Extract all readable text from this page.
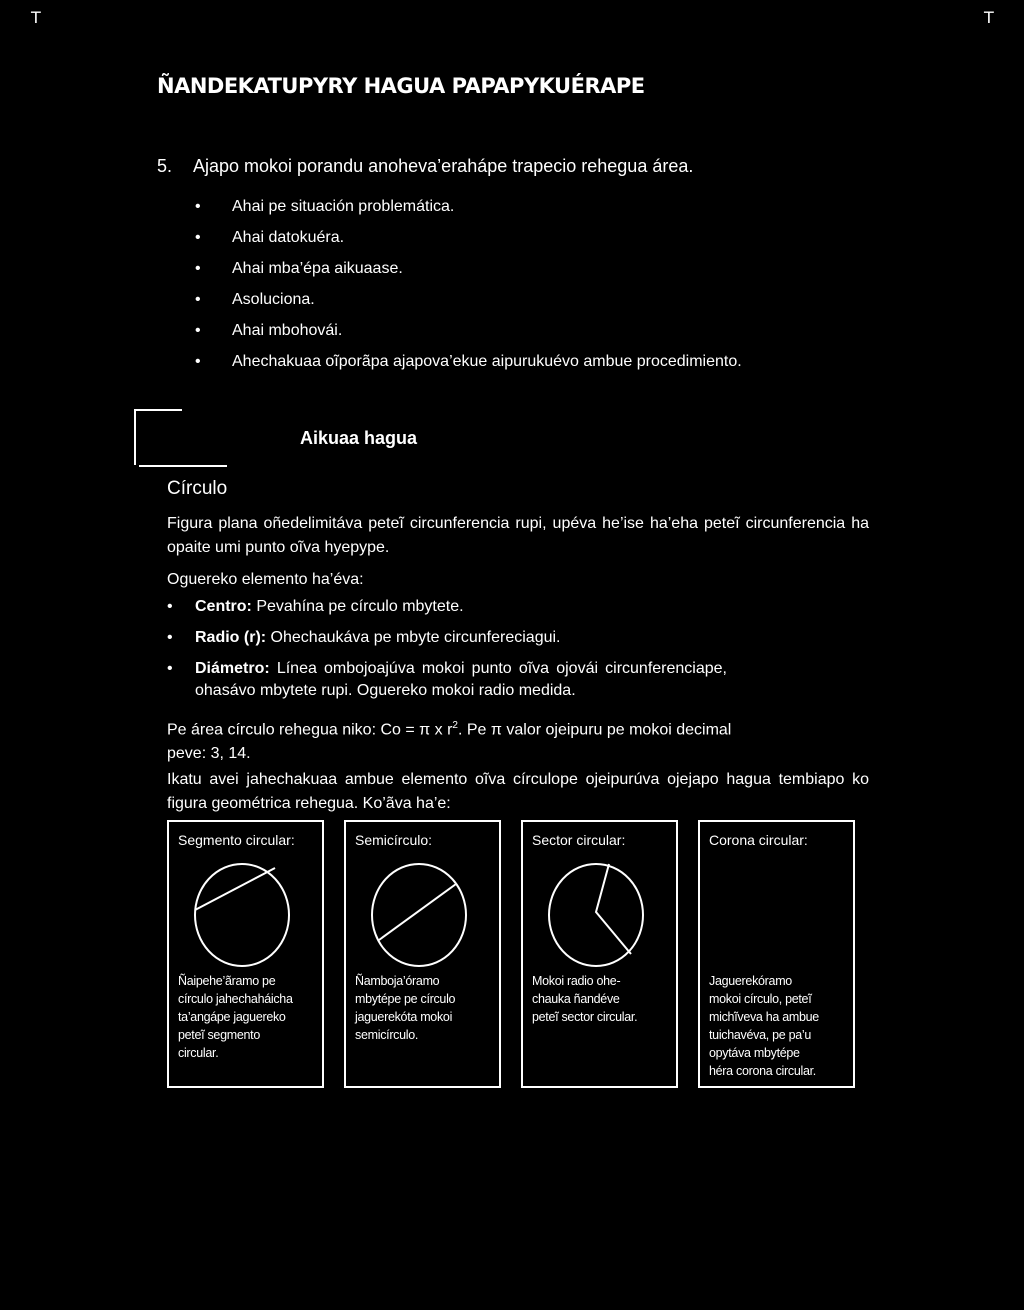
T	T
ÑANDEKATUPYRY HAGUA PAPAPYKUÉRAPE
5. Ajapo mokoi porandu anoheva’eraháре trapecio rehegua área.
•	Ahai pe situación problemática.
•	Ahai datokuéra.
•	Ahai mba’épa aikuaase.
•	Asoluciona.
•	Ahai mbohovái.
•	Ahechakuaa oĩporãpa ajapova’ekue aipurukuévo ambue procedimiento.
Aikuaa hagua
Círculo
Figura plana oñedelimitáva peteĩ circunferencia rupi, upéva he’ise ha’eha peteĩ circunferencia ha opaite umi punto oĩva hyepype.
Oguereko elemento ha’éva:
•	Centro: Pevahína pe círculo mbytete.
•	Radio (r): Ohechaukáva pe mbyte circunfereciagui.
•	Diámetro: Línea ombojoajúva mokoi punto oĩva ojovái circunferenciape, ohasávo mbytete rupi. Oguereko mokoi radio medida.
Pe área círculo rehegua niko: Co = π x $r^2$. Pe π valor ojeipuru pe mokoi decimal peve: 3, 14.
Ikatu avei jahechakuaa ambue elemento oĩva círculope ojeipurúva ojejapo hagua tembiapo ko figura geométrica rehegua. Ko’ãva ha’e:
Segmento circular:
Ñaipehe’ãramo pe
círculo jahechaháicha
ta’angápe jaguereko
peteĩ segmento
circular.
Semicírculo:
Ñamboja’óramo
mbytépe pe círculo
jaguerekóta mokoi
semicírculo.
Sector circular:
Mokoi radio ohe-
chauka ñandéve
peteĩ sector circular.
Corona circular:
Jaguerekóramo
mokoi círculo, peteĩ
michĩveva ha ambue
tuichavéva, pe pa’u
opytáva mbytépe
héra corona circular.
